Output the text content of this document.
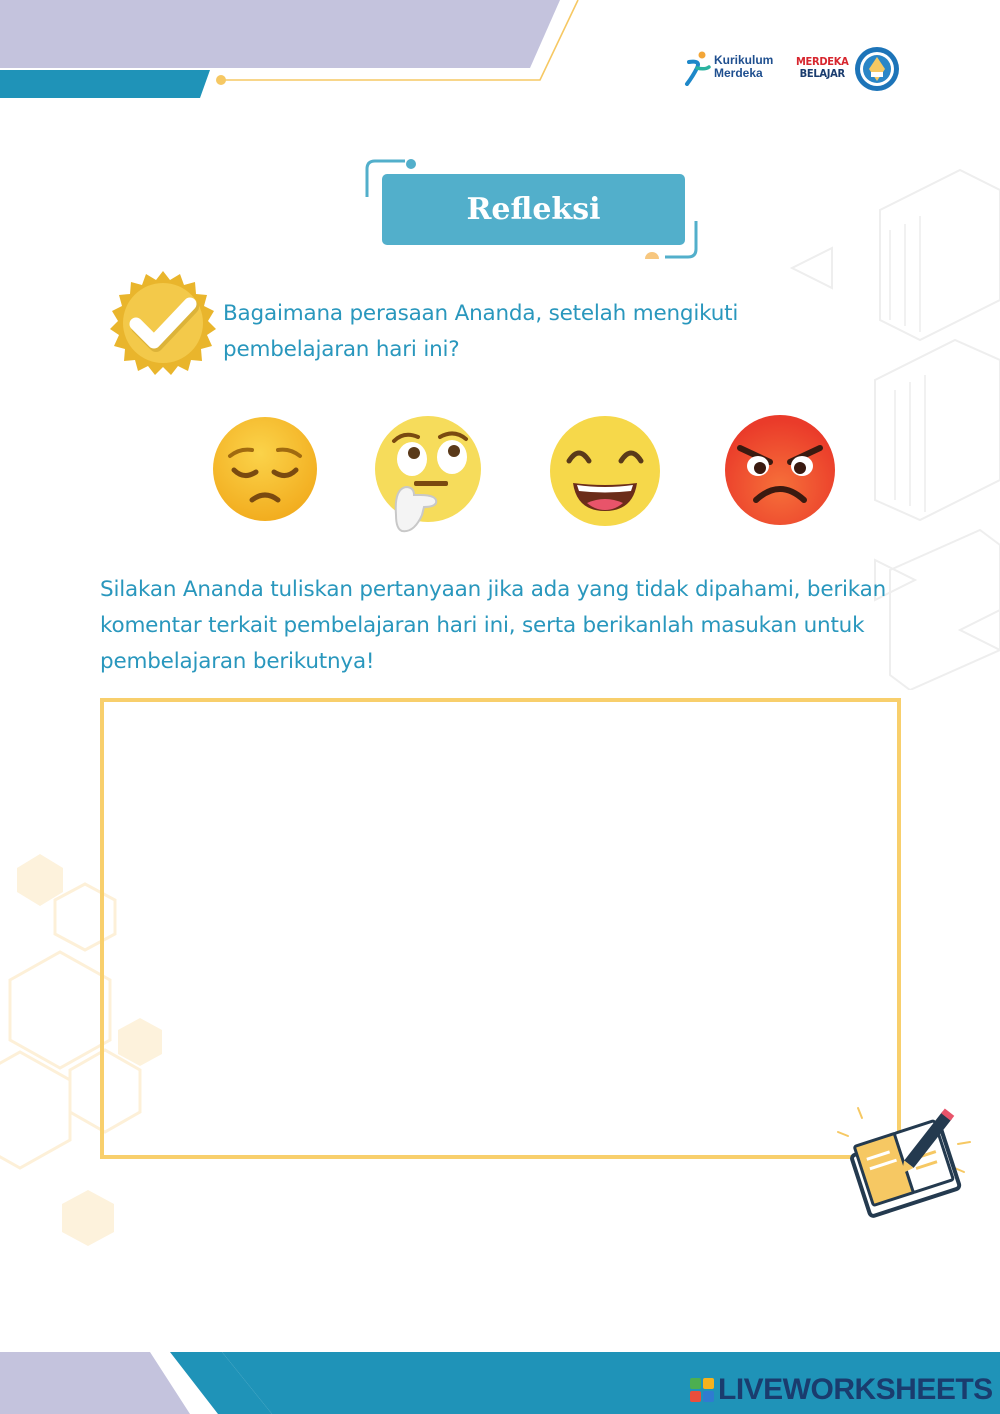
Kurikulum
Merdeka
MERDEKA
BELAJAR
Refleksi
Bagaimana perasaan Ananda, setelah mengikuti pembelajaran hari ini?
Silakan Ananda tuliskan pertanyaan jika ada yang tidak dipahami, berikan komentar terkait pembelajaran hari ini, serta berikanlah masukan untuk pembelajaran berikutnya!
LIVEWORKSHEETS
